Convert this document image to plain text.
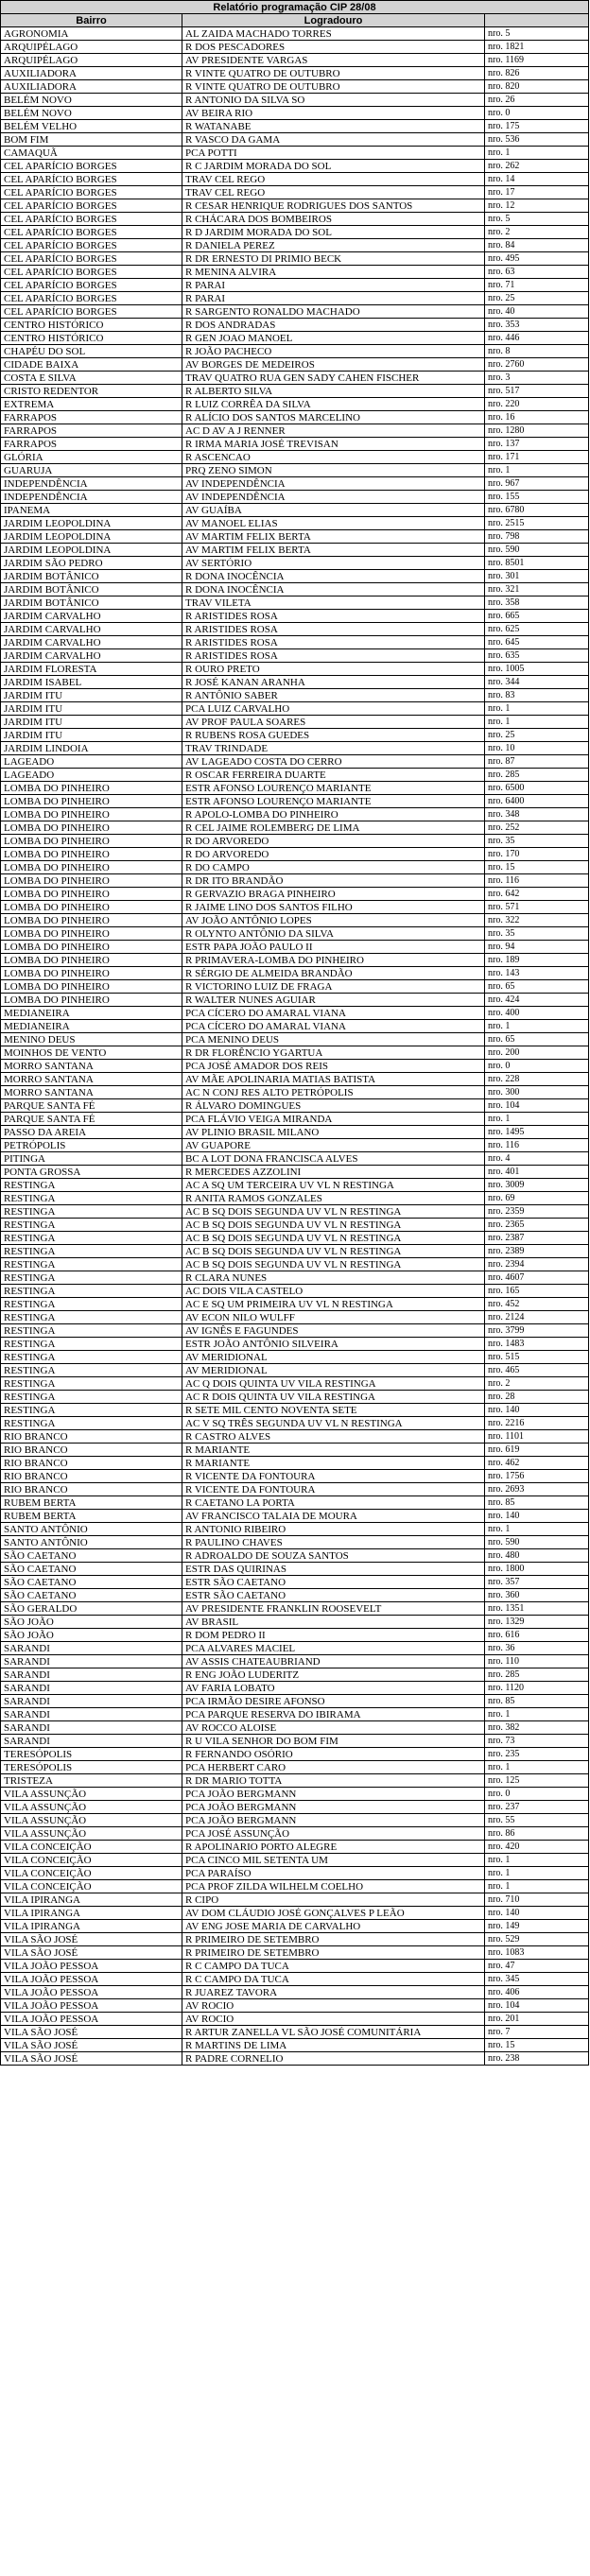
Relatório programação CIP 28/08		
Bairro	Logradouro	
AGRONOMIA	AL ZAIDA MACHADO TORRES	nro. 5
ARQUIPÉLAGO	R DOS PESCADORES	nro. 1821
ARQUIPÉLAGO	AV PRESIDENTE VARGAS	nro. 1169
AUXILIADORA	R VINTE QUATRO DE OUTUBRO	nro. 826
AUXILIADORA	R VINTE QUATRO DE OUTUBRO	nro. 820
BELÉM NOVO	R ANTONIO DA SILVA SO	nro. 26
BELÉM NOVO	AV BEIRA RIO	nro. 0
BELÉM VELHO	R WATANABE	nro. 175
BOM FIM	R VASCO DA GAMA	nro. 536
CAMAQUÃ	PCA POTTI	nro. 1
CEL APARÍCIO BORGES	R C JARDIM MORADA DO SOL	nro. 262
CEL APARÍCIO BORGES	TRAV CEL REGO	nro. 14
CEL APARÍCIO BORGES	TRAV CEL REGO	nro. 17
CEL APARÍCIO BORGES	R CESAR HENRIQUE RODRIGUES DOS SANTOS	nro. 12
CEL APARÍCIO BORGES	R CHÁCARA DOS BOMBEIROS	nro. 5
CEL APARÍCIO BORGES	R D JARDIM MORADA DO SOL	nro. 2
CEL APARÍCIO BORGES	R DANIELA PEREZ	nro. 84
CEL APARÍCIO BORGES	R DR ERNESTO DI PRIMIO BECK	nro. 495
CEL APARÍCIO BORGES	R MENINA ALVIRA	nro. 63
CEL APARÍCIO BORGES	R PARAI	nro. 71
CEL APARÍCIO BORGES	R PARAI	nro. 25
CEL APARÍCIO BORGES	R SARGENTO RONALDO MACHADO	nro. 40
CENTRO HISTÓRICO	R DOS ANDRADAS	nro. 353
CENTRO HISTÓRICO	R GEN JOAO MANOEL	nro. 446
CHAPÉU DO SOL	R JOÃO PACHECO	nro. 8
CIDADE BAIXA	AV BORGES DE MEDEIROS	nro. 2760
COSTA E SILVA	TRAV QUATRO RUA GEN SADY CAHEN FISCHER	nro. 3
CRISTO REDENTOR	R ALBERTO SILVA	nro. 517
EXTREMA	R LUIZ CORRÊA DA SILVA	nro. 220
FARRAPOS	R ALÍCIO DOS SANTOS MARCELINO	nro. 16
FARRAPOS	AC D AV A J RENNER	nro. 1280
FARRAPOS	R IRMA MARIA JOSÉ TREVISAN	nro. 137
GLÓRIA	R ASCENCAO	nro. 171
GUARUJA	PRQ ZENO SIMON	nro. 1
INDEPENDÊNCIA	AV INDEPENDÊNCIA	nro. 967
INDEPENDÊNCIA	AV INDEPENDÊNCIA	nro. 155
IPANEMA	AV GUAÍBA	nro. 6780
JARDIM LEOPOLDINA	AV MANOEL ELIAS	nro. 2515
JARDIM LEOPOLDINA	AV MARTIM FELIX BERTA	nro. 798
JARDIM LEOPOLDINA	AV MARTIM FELIX BERTA	nro. 590
JARDIM SÃO PEDRO	AV SERTÓRIO	nro. 8501
JARDIM BOTÂNICO	R DONA INOCÊNCIA	nro. 301
JARDIM BOTÂNICO	R DONA INOCÊNCIA	nro. 321
JARDIM BOTÂNICO	TRAV VILETA	nro. 358
JARDIM CARVALHO	R ARISTIDES ROSA	nro. 665
JARDIM CARVALHO	R ARISTIDES ROSA	nro. 625
JARDIM CARVALHO	R ARISTIDES ROSA	nro. 645
JARDIM CARVALHO	R ARISTIDES ROSA	nro. 635
JARDIM FLORESTA	R OURO PRETO	nro. 1005
JARDIM ISABEL	R JOSÉ KANAN ARANHA	nro. 344
JARDIM ITU	R ANTÔNIO SABER	nro. 83
JARDIM ITU	PCA LUIZ CARVALHO	nro. 1
JARDIM ITU	AV PROF PAULA SOARES	nro. 1
JARDIM ITU	R RUBENS ROSA GUEDES	nro. 25
JARDIM LINDOIA	TRAV TRINDADE	nro. 10
LAGEADO	AV LAGEADO COSTA DO CERRO	nro. 87
LAGEADO	R OSCAR FERREIRA DUARTE	nro. 285
LOMBA DO PINHEIRO	ESTR AFONSO LOURENÇO MARIANTE	nro. 6500
LOMBA DO PINHEIRO	ESTR AFONSO LOURENÇO MARIANTE	nro. 6400
LOMBA DO PINHEIRO	R APOLO-LOMBA DO PINHEIRO	nro. 348
LOMBA DO PINHEIRO	R CEL JAIME ROLEMBERG DE LIMA	nro. 252
LOMBA DO PINHEIRO	R DO ARVOREDO	nro. 35
LOMBA DO PINHEIRO	R DO ARVOREDO	nro. 170
LOMBA DO PINHEIRO	R DO CAMPO	nro. 15
LOMBA DO PINHEIRO	R DR ITO BRANDÃO	nro. 116
LOMBA DO PINHEIRO	R GERVAZIO BRAGA PINHEIRO	nro. 642
LOMBA DO PINHEIRO	R JAIME LINO DOS SANTOS FILHO	nro. 571
LOMBA DO PINHEIRO	AV JOÃO ANTÔNIO LOPES	nro. 322
LOMBA DO PINHEIRO	R OLYNTO ANTÔNIO DA SILVA	nro. 35
LOMBA DO PINHEIRO	ESTR PAPA JOÃO PAULO II	nro. 94
LOMBA DO PINHEIRO	R PRIMAVERA-LOMBA DO PINHEIRO	nro. 189
LOMBA DO PINHEIRO	R SÉRGIO DE ALMEIDA BRANDÃO	nro. 143
LOMBA DO PINHEIRO	R VICTORINO LUIZ DE FRAGA	nro. 65
LOMBA DO PINHEIRO	R WALTER NUNES AGUIAR	nro. 424
MEDIANEIRA	PCA CÍCERO DO AMARAL VIANA	nro. 400
MEDIANEIRA	PCA CÍCERO DO AMARAL VIANA	nro. 1
MENINO DEUS	PCA MENINO DEUS	nro. 65
MOINHOS DE VENTO	R DR FLORÊNCIO YGARTUA	nro. 200
MORRO SANTANA	PCA JOSÉ AMADOR DOS REIS	nro. 0
MORRO SANTANA	AV MÃE APOLINARIA MATIAS BATISTA	nro. 228
MORRO SANTANA	AC N CONJ RES ALTO PETRÓPOLIS	nro. 300
PARQUE SANTA FÉ	R ÁLVARO DOMINGUES	nro. 104
PARQUE SANTA FÉ	PCA FLÁVIO VEIGA MIRANDA	nro. 1
PASSO DA AREIA	AV PLINIO BRASIL MILANO	nro. 1495
PETRÓPOLIS	AV GUAPORE	nro. 116
PITINGA	BC A LOT DONA FRANCISCA ALVES	nro. 4
PONTA GROSSA	R MERCEDES AZZOLINI	nro. 401
RESTINGA	AC A SQ UM TERCEIRA UV VL N RESTINGA	nro. 3009
RESTINGA	R ANITA RAMOS GONZALES	nro. 69
RESTINGA	AC B SQ DOIS SEGUNDA UV VL N RESTINGA	nro. 2359
RESTINGA	AC B SQ DOIS SEGUNDA UV VL N RESTINGA	nro. 2365
RESTINGA	AC B SQ DOIS SEGUNDA UV VL N RESTINGA	nro. 2387
RESTINGA	AC B SQ DOIS SEGUNDA UV VL N RESTINGA	nro. 2389
RESTINGA	AC B SQ DOIS SEGUNDA UV VL N RESTINGA	nro. 2394
RESTINGA	R CLARA NUNES	nro. 4607
RESTINGA	AC DOIS VILA CASTELO	nro. 165
RESTINGA	AC E SQ UM PRIMEIRA UV VL N RESTINGA	nro. 452
RESTINGA	AV ECON NILO WULFF	nro. 2124
RESTINGA	AV IGNÊS E FAGUNDES	nro. 3799
RESTINGA	ESTR JOÃO ANTÔNIO SILVEIRA	nro. 1483
RESTINGA	AV MERIDIONAL	nro. 515
RESTINGA	AV MERIDIONAL	nro. 465
RESTINGA	AC Q DOIS QUINTA UV VILA RESTINGA	nro. 2
RESTINGA	AC R DOIS QUINTA UV VILA RESTINGA	nro. 28
RESTINGA	R SETE MIL CENTO NOVENTA SETE	nro. 140
RESTINGA	AC V SQ TRÊS SEGUNDA UV VL N RESTINGA	nro. 2216
RIO BRANCO	R CASTRO ALVES	nro. 1101
RIO BRANCO	R MARIANTE	nro. 619
RIO BRANCO	R MARIANTE	nro. 462
RIO BRANCO	R VICENTE DA FONTOURA	nro. 1756
RIO BRANCO	R VICENTE DA FONTOURA	nro. 2693
RUBEM BERTA	R CAETANO LA PORTA	nro. 85
RUBEM BERTA	AV FRANCISCO TALAIA DE MOURA	nro. 140
SANTO ANTÔNIO	R ANTONIO RIBEIRO	nro. 1
SANTO ANTÔNIO	R PAULINO CHAVES	nro. 590
SÃO CAETANO	R ADROALDO DE SOUZA SANTOS	nro. 480
SÃO CAETANO	ESTR DAS QUIRINAS	nro. 1800
SÃO CAETANO	ESTR SÃO CAETANO	nro. 357
SÃO CAETANO	ESTR SÃO CAETANO	nro. 360
SÃO GERALDO	AV PRESIDENTE FRANKLIN ROOSEVELT	nro. 1351
SÃO JOÃO	AV BRASIL	nro. 1329
SÃO JOÃO	R DOM PEDRO II	nro. 616
SARANDI	PCA ALVARES MACIEL	nro. 36
SARANDI	AV ASSIS CHATEAUBRIAND	nro. 110
SARANDI	R ENG JOÃO LUDERITZ	nro. 285
SARANDI	AV FARIA LOBATO	nro. 1120
SARANDI	PCA IRMÃO DESIRE AFONSO	nro. 85
SARANDI	PCA PARQUE RESERVA DO IBIRAMA	nro. 1
SARANDI	AV ROCCO ALOISE	nro. 382
SARANDI	R U VILA SENHOR DO BOM FIM	nro. 73
TERESÓPOLIS	R FERNANDO OSÓRIO	nro. 235
TERESÓPOLIS	PCA HERBERT CARO	nro. 1
TRISTEZA	R DR MARIO TOTTA	nro. 125
VILA ASSUNÇÃO	PCA JOÃO BERGMANN	nro. 0
VILA ASSUNÇÃO	PCA JOÃO BERGMANN	nro. 237
VILA ASSUNÇÃO	PCA JOÃO BERGMANN	nro. 55
VILA ASSUNÇÃO	PCA JOSÉ ASSUNÇÃO	nro. 86
VILA CONCEIÇÃO	R APOLINARIO PORTO ALEGRE	nro. 420
VILA CONCEIÇÃO	PCA CINCO MIL SETENTA UM	nro. 1
VILA CONCEIÇÃO	PCA PARAÍSO	nro. 1
VILA CONCEIÇÃO	PCA PROF ZILDA WILHELM COELHO	nro. 1
VILA IPIRANGA	R CIPO	nro. 710
VILA IPIRANGA	AV DOM CLÁUDIO JOSÉ GONÇALVES P LEÃO	nro. 140
VILA IPIRANGA	AV ENG JOSE MARIA DE CARVALHO	nro. 149
VILA SÃO JOSÉ	R PRIMEIRO DE SETEMBRO	nro. 529
VILA SÃO JOSÉ	R PRIMEIRO DE SETEMBRO	nro. 1083
VILA JOÃO PESSOA	R C CAMPO DA TUCA	nro. 47
VILA JOÃO PESSOA	R C CAMPO DA TUCA	nro. 345
VILA JOÃO PESSOA	R JUAREZ TAVORA	nro. 406
VILA JOÃO PESSOA	AV ROCIO	nro. 104
VILA JOÃO PESSOA	AV ROCIO	nro. 201
VILA SÃO JOSÉ	R ARTUR ZANELLA VL SÃO JOSÉ COMUNITÁRIA	nro. 7
VILA SÃO JOSÉ	R MARTINS DE LIMA	nro. 15
VILA SÃO JOSÉ	R PADRE CORNELIO	nro. 238
